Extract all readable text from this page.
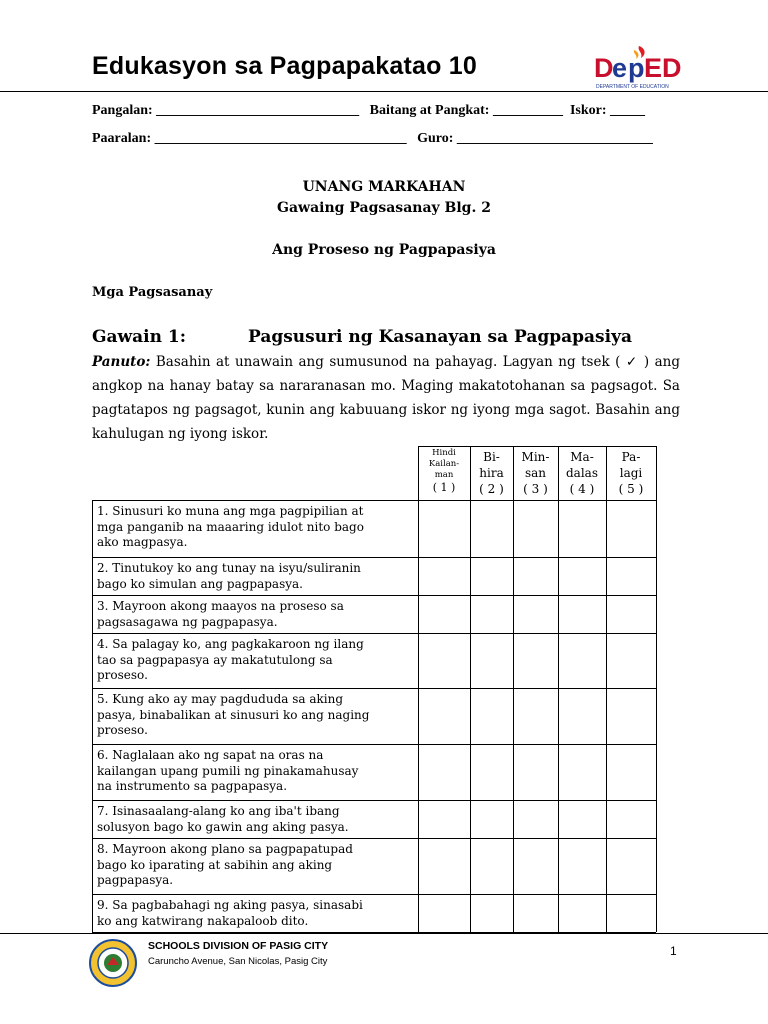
Edukasyon sa Pagpapakatao 10	D
e p ED
DEPARTMENT OF EDUCATION
Pangalan: _____________________________   Baitang at Pangkat: __________  Iskor: _____
Paaralan: ____________________________________   Guro: ____________________________
UNANG MARKAHAN
Gawaing Pagsasanay Blg. 2
Ang Proseso ng Pagpapasiya
Mga Pagsasanay
Gawain 1:	Pagsusuri ng Kasanayan sa Pagpapasiya
Panuto: Basahin at unawain ang sumusunod na pahayag. Lagyan ng tsek ( ✓ ) ang angkop na hanay batay sa nararanasan mo. Maging makatotohanan sa pagsagot. Sa pagtatapos ng pagsagot, kunin ang kabuuang iskor ng iyong mga sagot. Basahin ang kahulugan ng iyong iskor.
Hindi
Kailan-
man
( 1 )
Bi-
hira
( 2 )
Min-
san
( 3 )
Ma-
dalas
( 4 )
Pa-
lagi
( 5 )
1. Sinusuri ko muna ang mga pagpipilian at
mga panganib na maaaring idulot nito bago
ako magpasya.
2. Tinutukoy ko ang tunay na isyu/suliranin
bago ko simulan ang pagpapasya.
3. Mayroon akong maayos na proseso sa
pagsasagawa ng pagpapasya.
4. Sa palagay ko, ang pagkakaroon ng ilang
tao sa pagpapasya ay makatutulong sa
proseso.
5. Kung ako ay may pagdududa sa aking
pasya, binabalikan at sinusuri ko ang naging
proseso.
6. Naglalaan ako ng sapat na oras na
kailangan upang pumili ng pinakamahusay
na instrumento sa pagpapasya.
7. Isinasaalang-alang ko ang iba't ibang
solusyon bago ko gawin ang aking pasya.
8. Mayroon akong plano sa pagpapatupad
bago ko iparating at sabihin ang aking
pagpapasya.
9. Sa pagbabahagi ng aking pasya, sinasabi
ko ang katwirang nakapaloob dito.
SCHOOLS DIVISION OF PASIG CITY
Caruncho Avenue, San Nicolas, Pasig City
1
